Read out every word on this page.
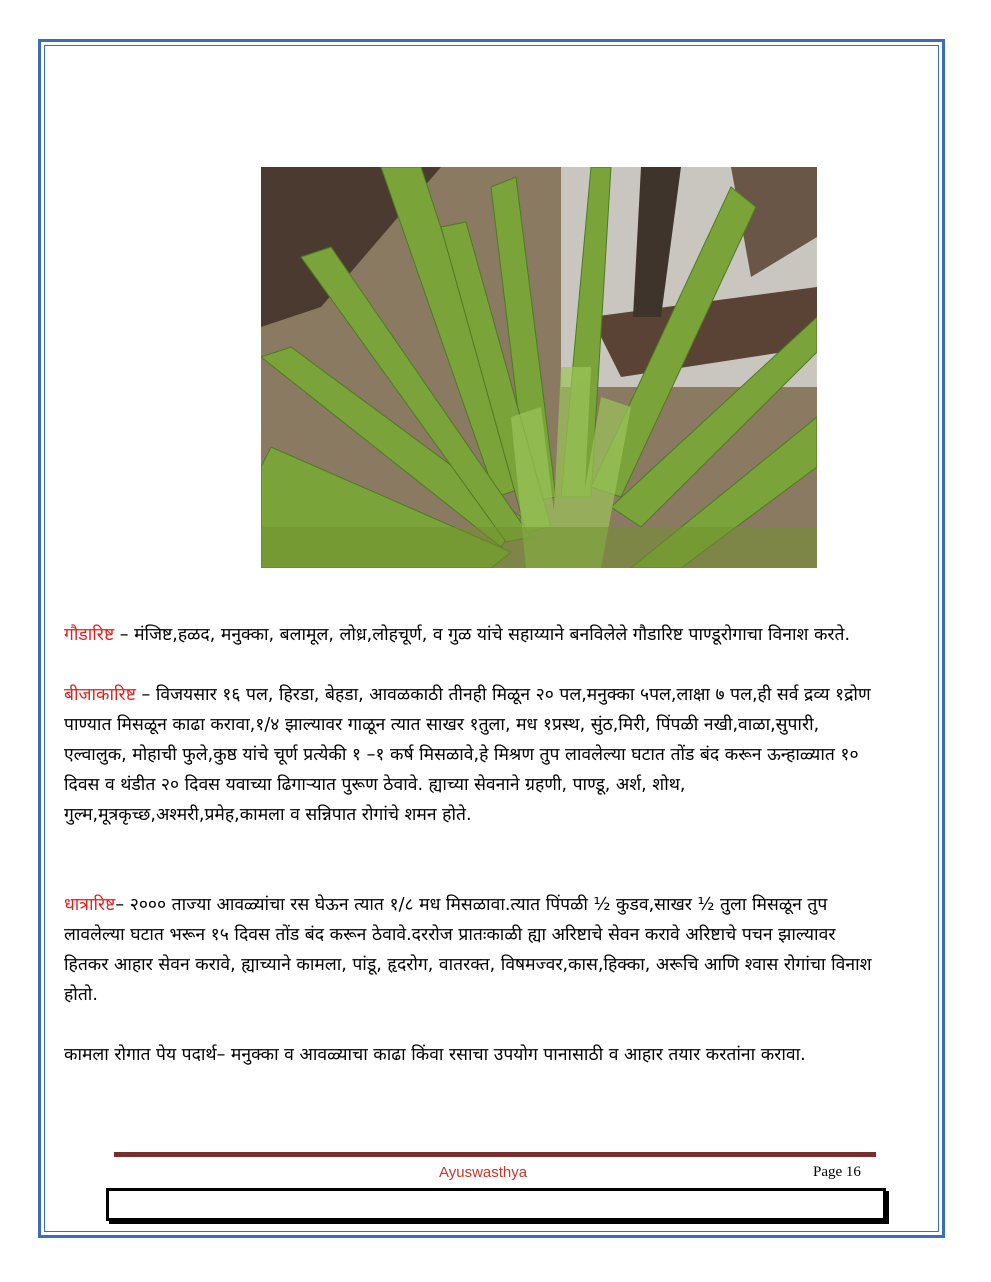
गौडारिष्ट – मंजिष्ट,हळद, मनुक्का, बलामूल, लोध्र,लोहचूर्ण, व गुळ यांचे सहाय्याने बनविलेले गौडारिष्ट पाण्डूरोगाचा विनाश करते.

बीजाकारिष्ट – विजयसार १६ पल, हिरडा, बेहडा, आवळकाठी तीनही मिळून २० पल,मनुक्का ५पल,लाक्षा ७ पल,ही सर्व द्रव्य १द्रोण पाण्यात मिसळून काढा करावा,१/४ झाल्यावर गाळून त्यात साखर १तुला, मध १प्रस्थ, सुंठ,मिरी, पिंपळी नखी,वाळा,सुपारी, एल्वालुक, मोहाची फुले,कुष्ठ यांचे चूर्ण प्रत्येकी १ –१ कर्ष मिसळावे,हे मिश्रण तुप लावलेल्या घटात तोंड बंद करून ऊन्हाळ्यात १० दिवस व थंडीत २० दिवस यवाच्या ढिगाऱ्यात पुरूण ठेवावे. ह्याच्या सेवनाने ग्रहणी, पाण्डू, अर्श, शोथ, गुल्म,मूत्रकृच्छ,अश्मरी,प्रमेह,कामला व सन्निपात रोगांचे शमन होते.

धात्रारिष्ट– २००० ताज्या आवळ्यांचा रस घेऊन त्यात १/८ मध मिसळावा.त्यात पिंपळी ½ कुडव,साखर ½ तुला मिसळून तुप लावलेल्या घटात भरून १५ दिवस तोंड बंद करून ठेवावे.दररोज प्रातःकाळी ह्या अरिष्टाचे सेवन करावे अरिष्टाचे पचन झाल्यावर हितकर आहार सेवन करावे, ह्याच्याने कामला, पांडू, हृदरोग, वातरक्त, विषमज्वर,कास,हिक्का, अरूचि आणि श्वास रोगांचा विनाश होतो.

कामला रोगात पेय पदार्थ– मनुक्का व आवळ्याचा काढा किंवा रसाचा उपयोग पानासाठी व आहार तयार करतांना करावा.

Ayuswasthya	Page 16
